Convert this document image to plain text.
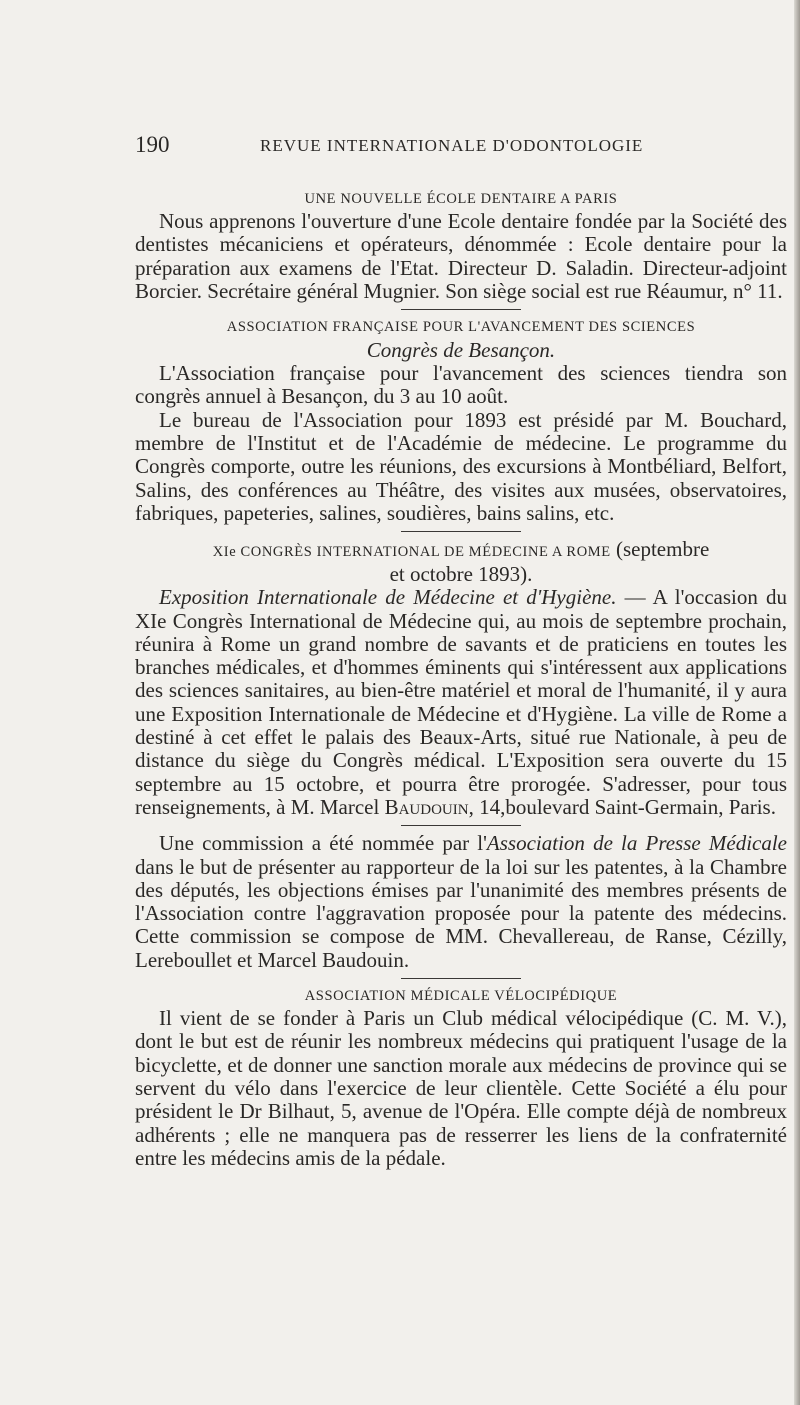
190	REVUE INTERNATIONALE D'ODONTOLOGIE

UNE NOUVELLE ÉCOLE DENTAIRE A PARIS

Nous apprenons l'ouverture d'une Ecole dentaire fondée par la Société des dentistes mécaniciens et opérateurs, dénommée : Ecole dentaire pour la préparation aux examens de l'Etat. Directeur D. Saladin. Directeur-adjoint Borcier. Secrétaire général Mugnier. Son siège social est rue Réaumur, n° 11.

ASSOCIATION FRANÇAISE POUR L'AVANCEMENT DES SCIENCES

Congrès de Besançon.

L'Association française pour l'avancement des sciences tiendra son congrès annuel à Besançon, du 3 au 10 août.

Le bureau de l'Association pour 1893 est présidé par M. Bouchard, membre de l'Institut et de l'Académie de médecine. Le programme du Congrès comporte, outre les réunions, des excursions à Montbéliard, Belfort, Salins, des conférences au Théâtre, des visites aux musées, observatoires, fabriques, papeteries, salines, soudières, bains salins, etc.

XIe CONGRÈS INTERNATIONAL DE MÉDECINE A ROME (septembre

et octobre 1893).

Exposition Internationale de Médecine et d'Hygiène. — A l'occasion du XIe Congrès International de Médecine qui, au mois de septembre prochain, réunira à Rome un grand nombre de savants et de praticiens en toutes les branches médicales, et d'hommes éminents qui s'intéressent aux applications des sciences sanitaires, au bien-être matériel et moral de l'humanité, il y aura une Exposition Internationale de Médecine et d'Hygiène. La ville de Rome a destiné à cet effet le palais des Beaux-Arts, situé rue Nationale, à peu de distance du siège du Congrès médical. L'Exposition sera ouverte du 15 septembre au 15 octobre, et pourra être prorogée. S'adresser, pour tous renseignements, à M. Marcel Baudouin, 14,boulevard Saint-Germain, Paris.

Une commission a été nommée par l'Association de la Presse Médicale dans le but de présenter au rapporteur de la loi sur les patentes, à la Chambre des députés, les objections émises par l'unanimité des membres présents de l'Association contre l'aggravation proposée pour la patente des médecins. Cette commission se compose de MM. Chevallereau, de Ranse, Cézilly, Lereboullet et Marcel Baudouin.

ASSOCIATION MÉDICALE VÉLOCIPÉDIQUE

Il vient de se fonder à Paris un Club médical vélocipédique (C. M. V.), dont le but est de réunir les nombreux médecins qui pratiquent l'usage de la bicyclette, et de donner une sanction morale aux médecins de province qui se servent du vélo dans l'exercice de leur clientèle. Cette Société a élu pour président le Dr Bilhaut, 5, avenue de l'Opéra. Elle compte déjà de nombreux adhérents ; elle ne manquera pas de resserrer les liens de la confraternité entre les médecins amis de la pédale.
